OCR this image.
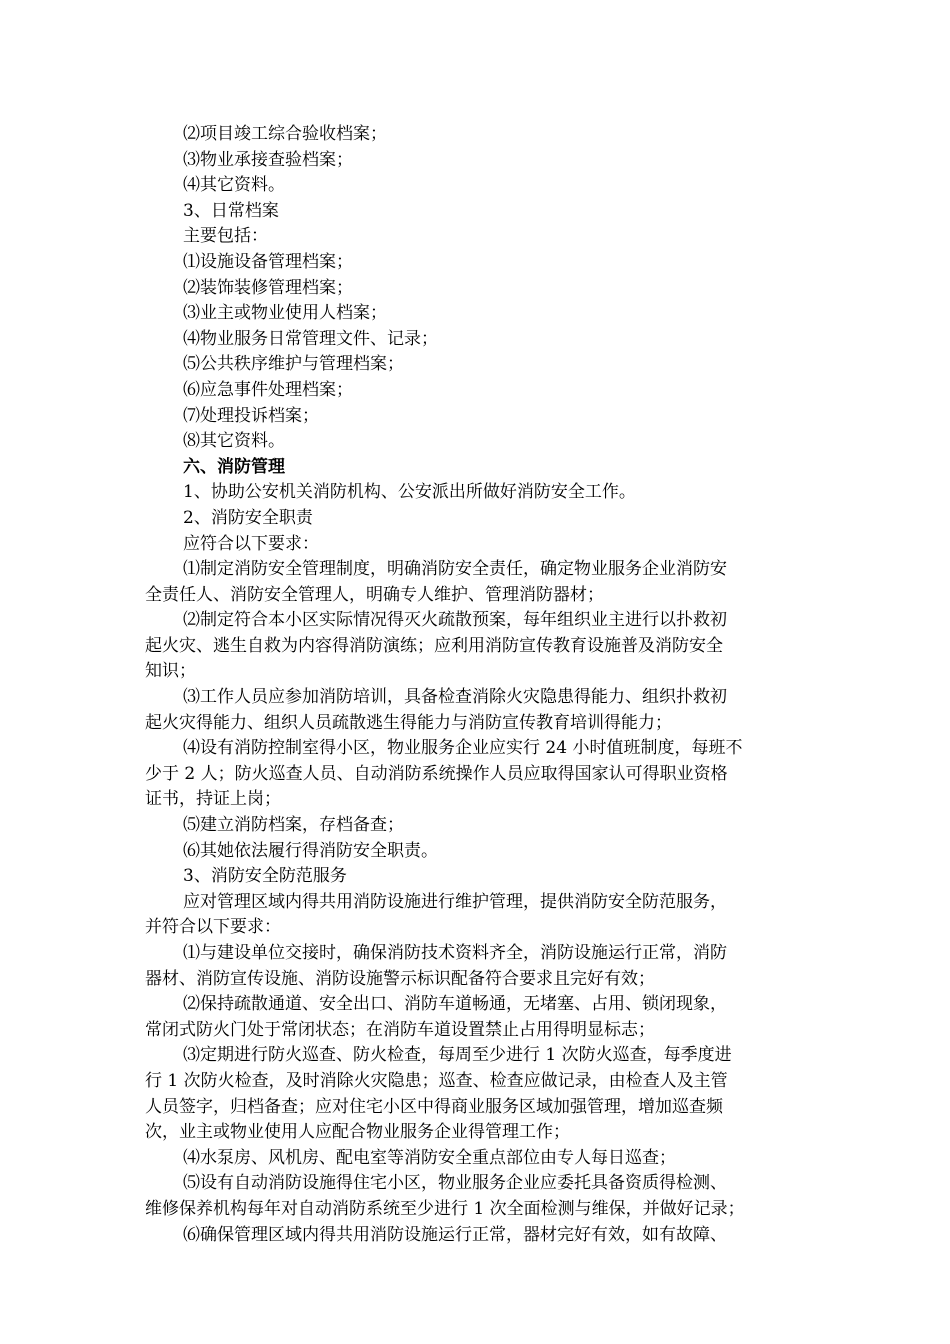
⑵项目竣工综合验收档案；
⑶物业承接查验档案；
⑷其它资料。
3、日常档案
主要包括：
⑴设施设备管理档案；
⑵装饰装修管理档案；
⑶业主或物业使用人档案；
⑷物业服务日常管理文件、记录；
⑸公共秩序维护与管理档案；
⑹应急事件处理档案；
⑺处理投诉档案；
⑻其它资料。
六、消防管理
1、协助公安机关消防机构、公安派出所做好消防安全工作。
2、消防安全职责
应符合以下要求：
⑴制定消防安全管理制度，明确消防安全责任，确定物业服务企业消防安
全责任人、消防安全管理人，明确专人维护、管理消防器材；
⑵制定符合本小区实际情况得灭火疏散预案，每年组织业主进行以扑救初
起火灾、逃生自救为内容得消防演练；应利用消防宣传教育设施普及消防安全
知识；
⑶工作人员应参加消防培训，具备检查消除火灾隐患得能力、组织扑救初
起火灾得能力、组织人员疏散逃生得能力与消防宣传教育培训得能力；
⑷设有消防控制室得小区，物业服务企业应实行 24 小时值班制度，每班不
少于 2 人；防火巡查人员、自动消防系统操作人员应取得国家认可得职业资格
证书，持证上岗；
⑸建立消防档案，存档备查；
⑹其她依法履行得消防安全职责。
3、消防安全防范服务
应对管理区域内得共用消防设施进行维护管理，提供消防安全防范服务，
并符合以下要求：
⑴与建设单位交接时，确保消防技术资料齐全，消防设施运行正常，消防
器材、消防宣传设施、消防设施警示标识配备符合要求且完好有效；
⑵保持疏散通道、安全出口、消防车道畅通，无堵塞、占用、锁闭现象，
常闭式防火门处于常闭状态；在消防车道设置禁止占用得明显标志；
⑶定期进行防火巡查、防火检查，每周至少进行 1 次防火巡查，每季度进
行 1 次防火检查，及时消除火灾隐患；巡查、检查应做记录，由检查人及主管
人员签字，归档备查；应对住宅小区中得商业服务区域加强管理，增加巡查频
次，业主或物业使用人应配合物业服务企业得管理工作；
⑷水泵房、风机房、配电室等消防安全重点部位由专人每日巡查；
⑸设有自动消防设施得住宅小区，物业服务企业应委托具备资质得检测、
维修保养机构每年对自动消防系统至少进行 1 次全面检测与维保，并做好记录；
⑹确保管理区域内得共用消防设施运行正常，器材完好有效，如有故障、
